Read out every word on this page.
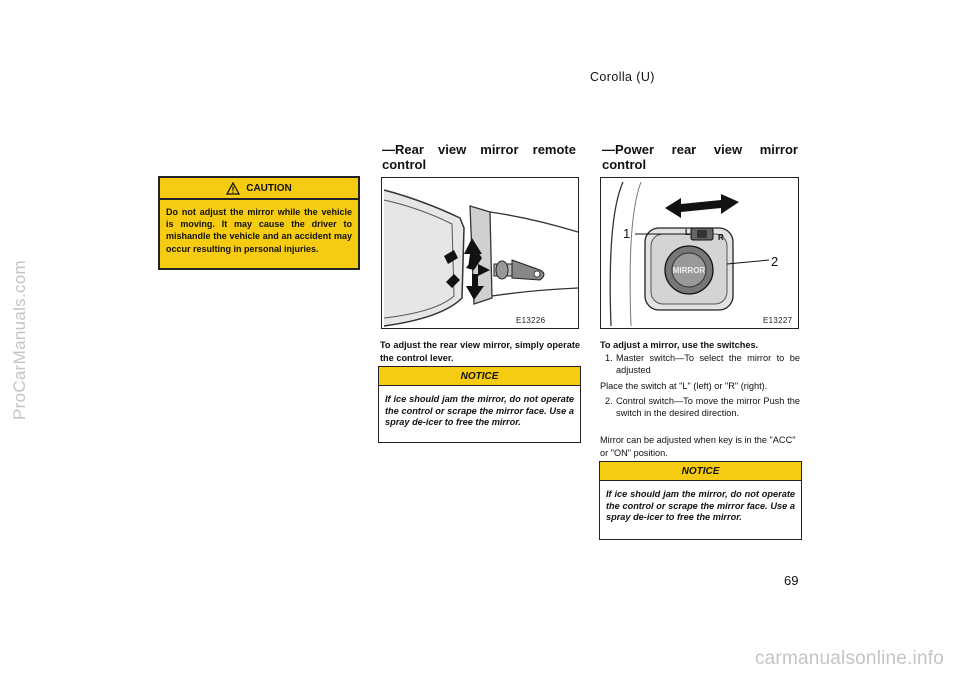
ProCarManuals.com
carmanualsonline.info
Corolla (U)
CAUTION
Do not adjust the mirror while the vehicle is moving. It may cause the driver to mishandle the vehicle and an accident may occur resulting in personal injuries.
—Rear view mirror remote control
E13226
To adjust the rear view mirror, simply operate the control lever.
NOTICE
If ice should jam the mirror, do not operate the control or scrape the mirror face. Use a spray de-icer to free the mirror.
—Power rear view mirror control
MIRROR
1
2
L
R
E13227
To adjust a mirror, use the switches.
1. Master switch—To select the mirror to be adjusted
Place the switch at "L" (left) or "R" (right).
2. Control switch—To move the mirror Push the switch in the desired direction.
Mirror can be adjusted when key is in the "ACC" or "ON" position.
NOTICE
If ice should jam the mirror, do not operate the control or scrape the mirror face. Use a spray de-icer to free the mirror.
69
